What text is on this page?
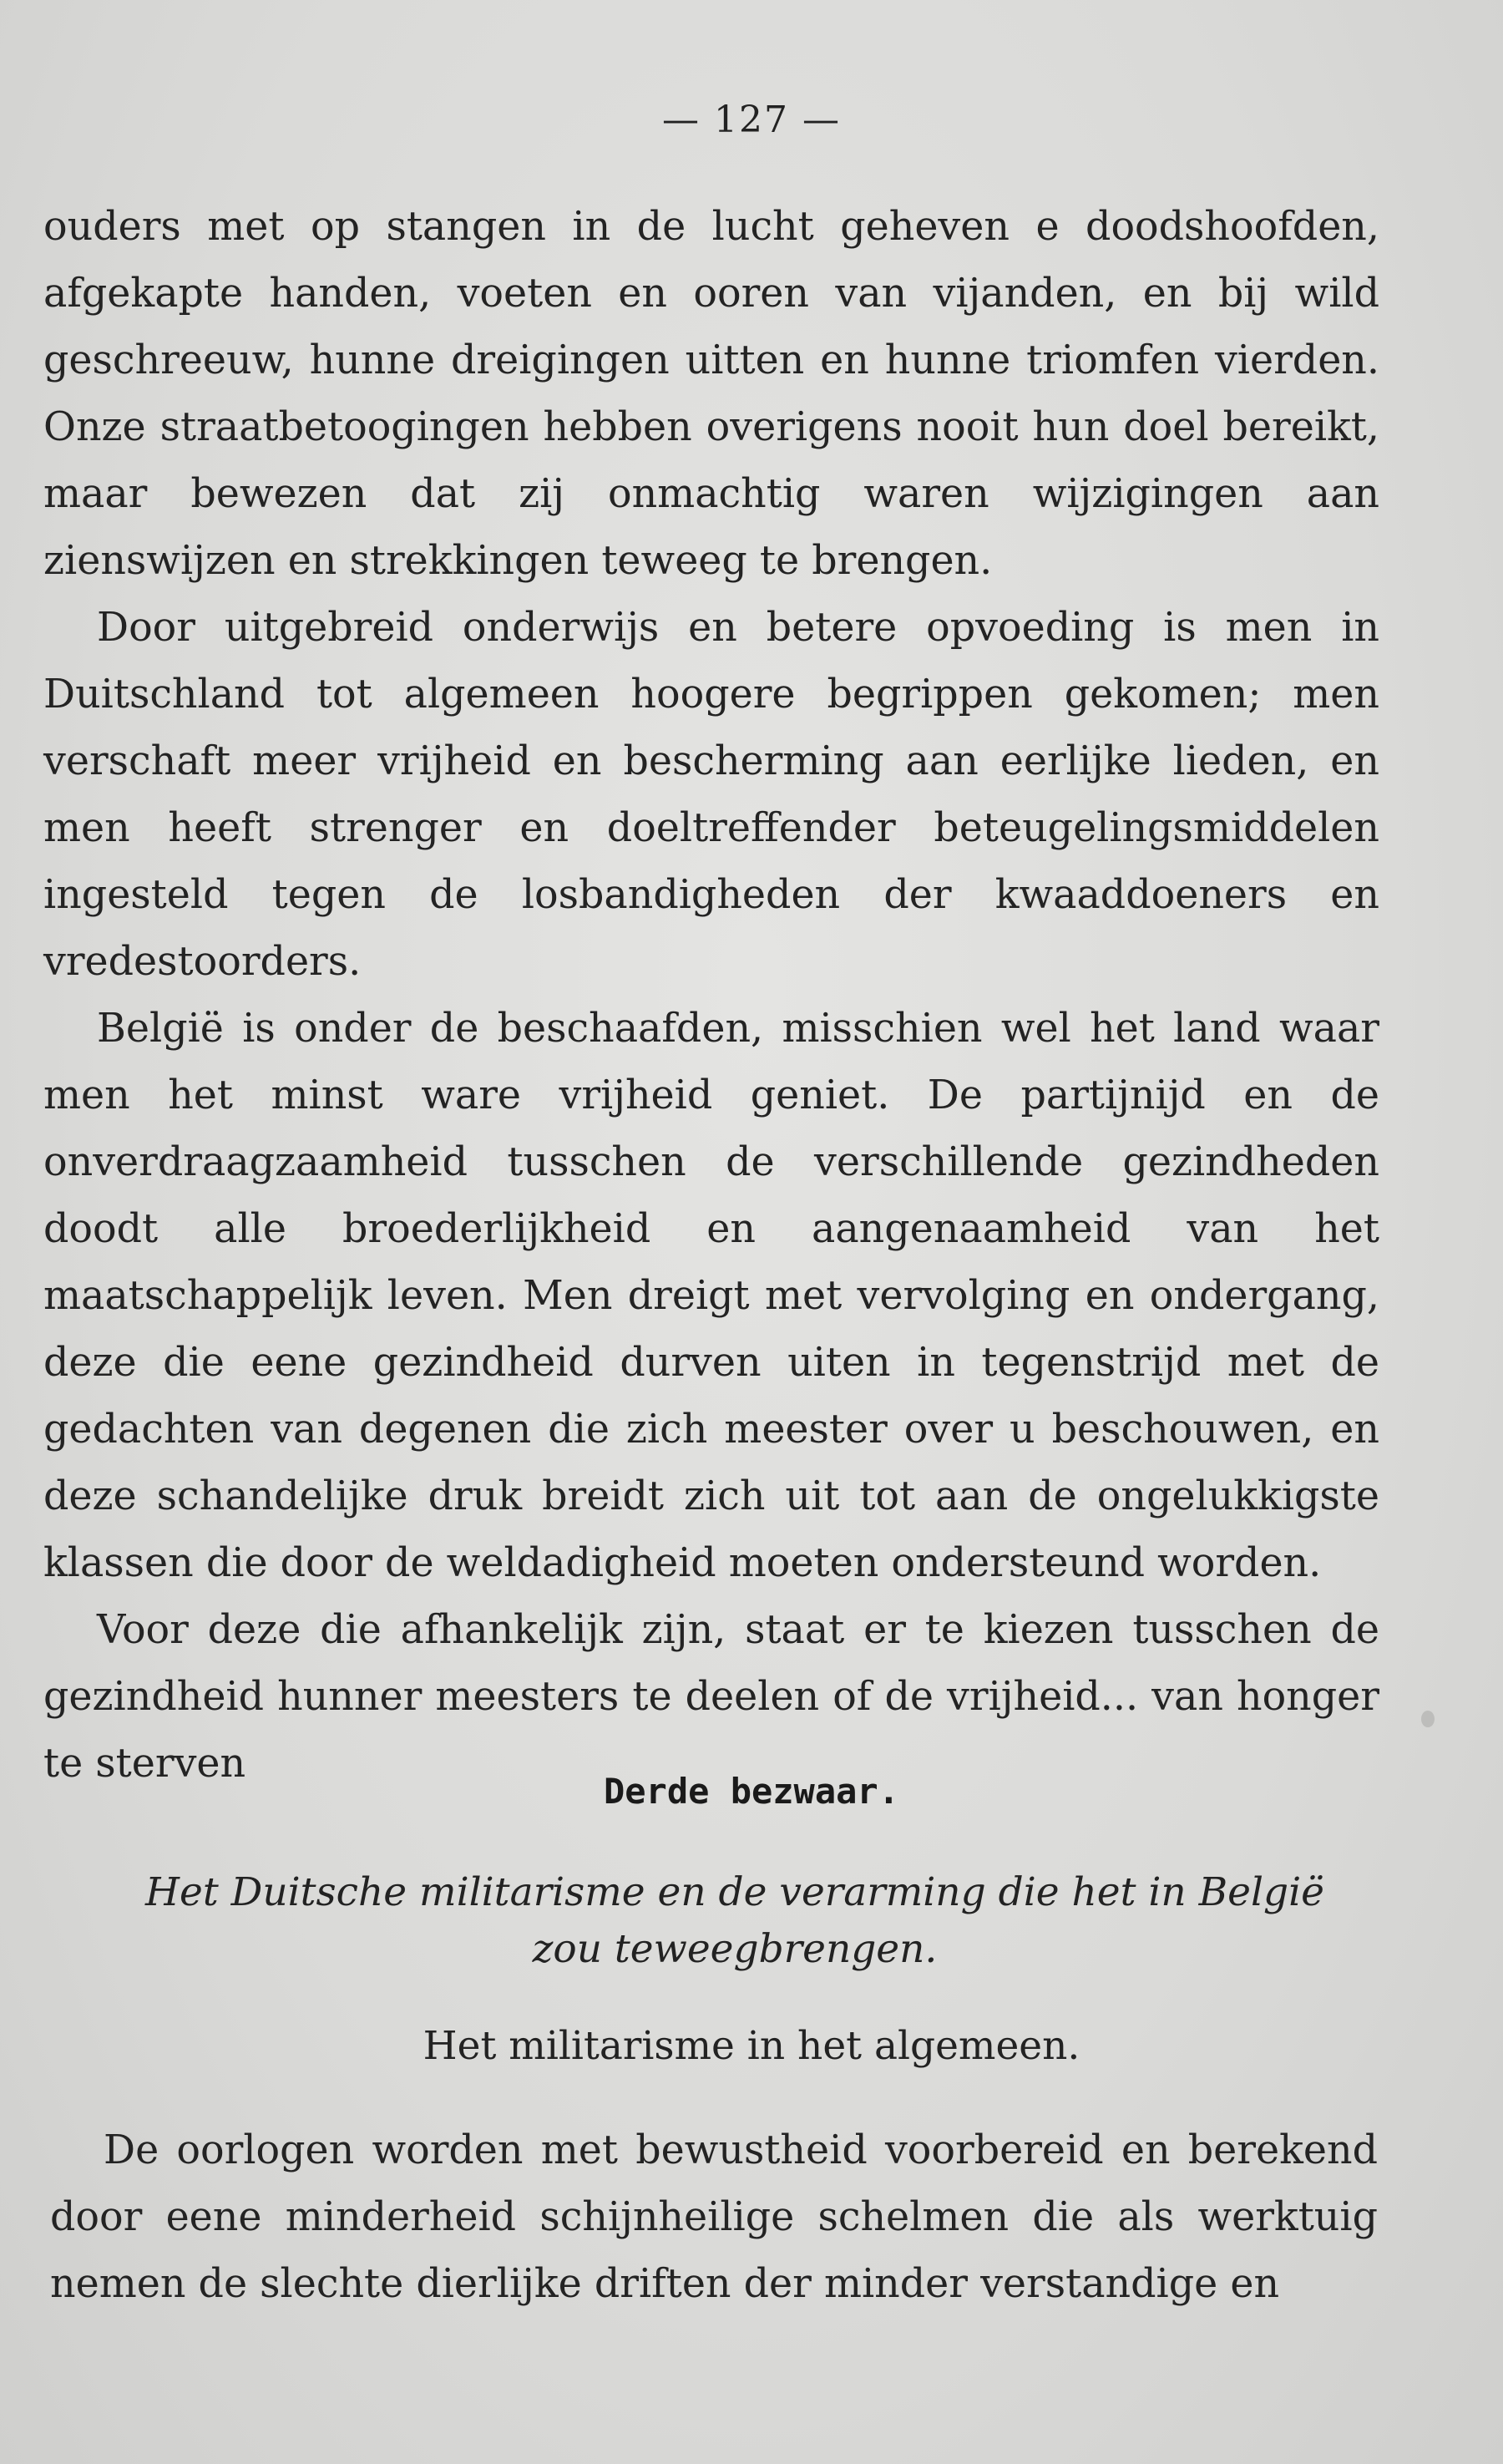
— 127 —

ouders met op stangen in de lucht geheven e doodshoofden, afgekapte handen, voeten en ooren van vijanden, en bij wild geschreeuw, hunne dreigingen uitten en hunne triomfen vierden. Onze straatbetoogingen hebben overigens nooit hun doel bereikt, maar bewezen dat zij onmachtig waren wijzigingen aan zienswijzen en strekkingen teweeg te brengen.

Door uitgebreid onderwijs en betere opvoeding is men in Duitschland tot algemeen hoogere begrippen gekomen; men verschaft meer vrijheid en bescherming aan eerlijke lieden, en men heeft strenger en doeltreffender beteugelingsmiddelen ingesteld tegen de losbandigheden der kwaaddoeners en vredestoorders.

België is onder de beschaafden, misschien wel het land waar men het minst ware vrijheid geniet. De partijnijd en de onverdraagzaamheid tusschen de verschillende gezindheden doodt alle broederlijkheid en aangenaamheid van het maatschappelijk leven. Men dreigt met vervolging en ondergang, deze die eene gezindheid durven uiten in tegenstrijd met de gedachten van degenen die zich meester over u beschouwen, en deze schandelijke druk breidt zich uit tot aan de ongelukkigste klassen die door de weldadigheid moeten ondersteund worden.

Voor deze die afhankelijk zijn, staat er te kiezen tusschen de gezindheid hunner meesters te deelen of de vrijheid... van honger te sterven

Derde bezwaar.
Het Duitsche militarisme en de verarming die het in België
zou teweegbrengen.
Het militarisme in het algemeen.

De oorlogen worden met bewustheid voorbereid en berekend door eene minderheid schijnheilige schelmen die als werktuig nemen de slechte dierlijke driften der minder verstandige en
